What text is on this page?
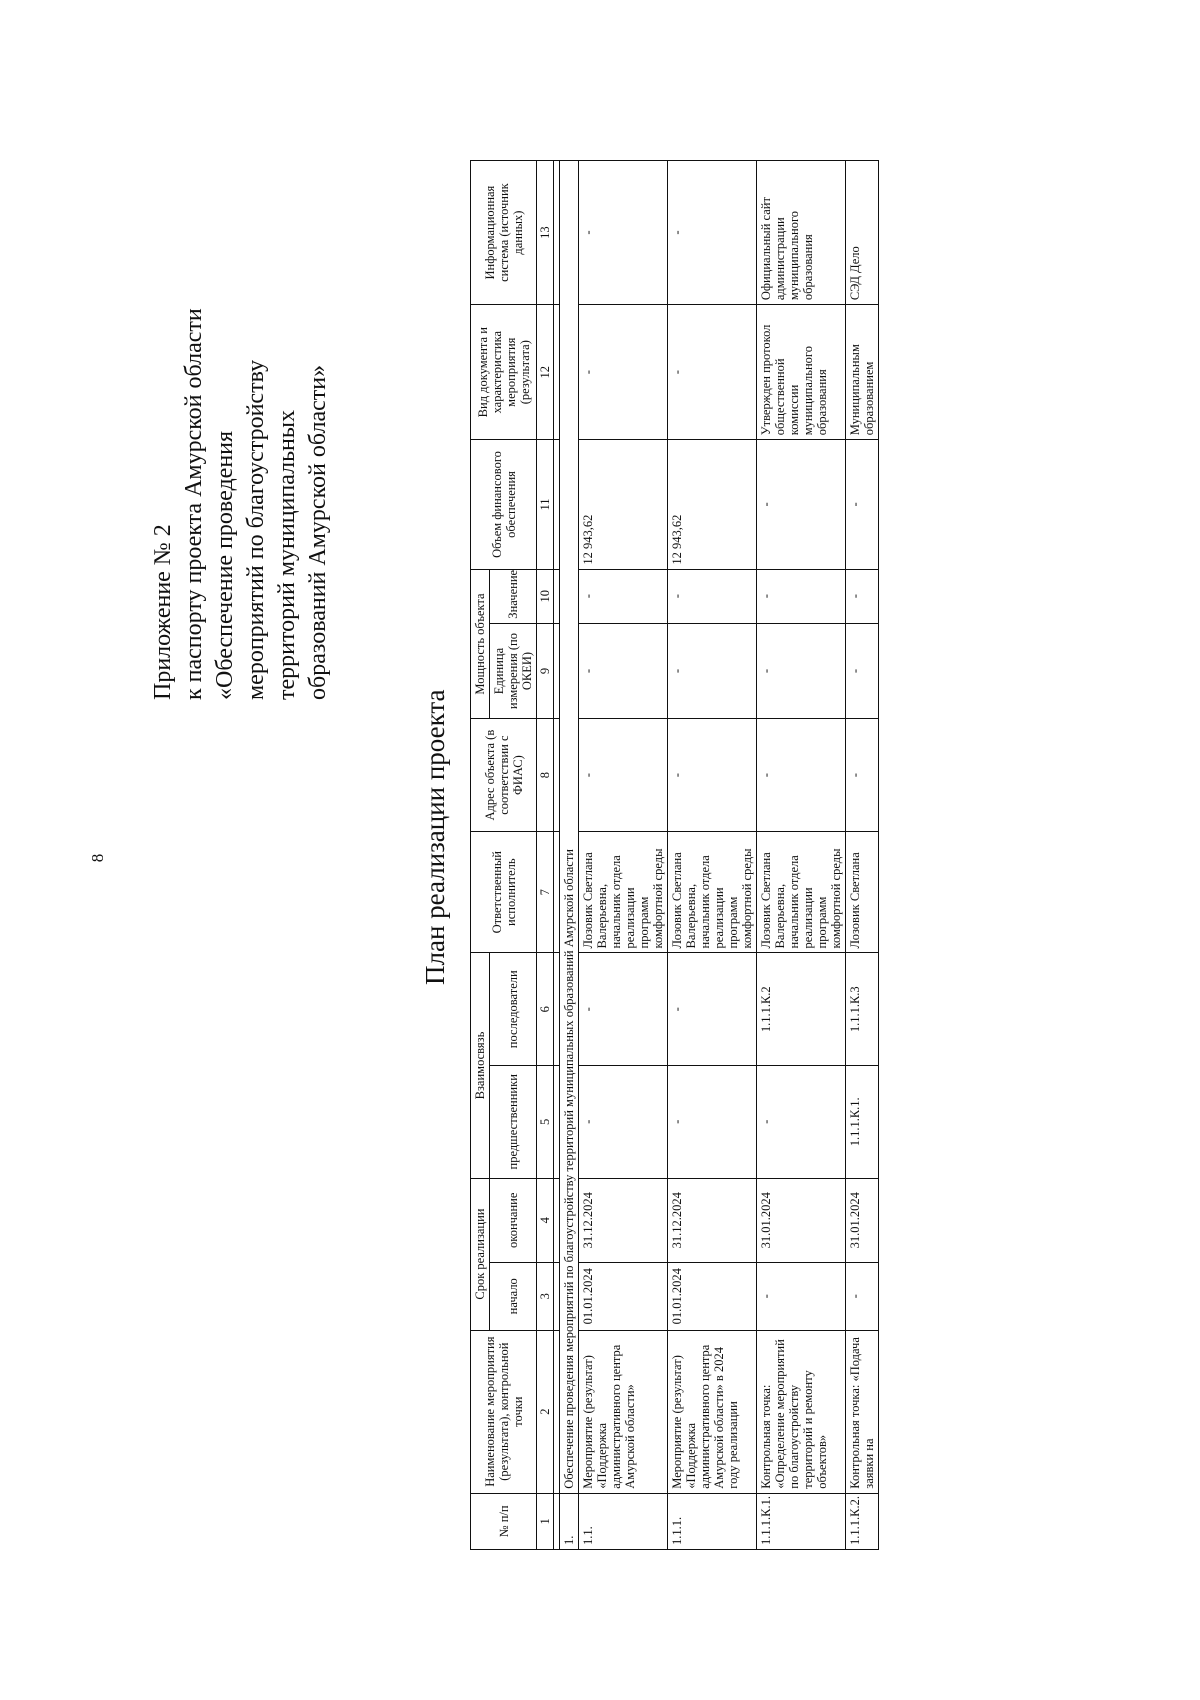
8
Приложение № 2 к паспорту проекта Амурской области «Обеспечение проведения мероприятий по благоустройству территорий муниципальных образований Амурской области»
План реализации проекта
№ п/п	Наименование мероприятия (результата), контрольной точки	Срок реализации		Взаимосвязь		Ответственный исполнитель	Адрес объекта (в соответствии с ФИАС)	Мощность объекта		Объем финансового обеспечения	Вид документа и характеристика мероприятия (результата)	Информационная система (источник данных)
		начало	окончание	предшественники	последователи			Единица измерения (по ОКЕИ)	Значение			
1	2	3	4	5	6	7	8	9	10	11	12	13

1.	Обеспечение проведения мероприятий по благоустройству территорий муниципальных образований Амурской области											
1.1.	Мероприятие (результат) «Поддержка административного центра Амурской области»	01.01.2024	31.12.2024	-	-	Лозовик Светлана Валерьевна, начальник отдела реализации программ комфортной среды	-	-	-	12 943,62	-	-
1.1.1.	Мероприятие (результат) «Поддержка административного центра Амурской области» в 2024 году реализации	01.01.2024	31.12.2024	-	-	Лозовик Светлана Валерьевна, начальник отдела реализации программ комфортной среды	-	-	-	12 943,62	-	-
1.1.1.К.1.	Контрольная точка: «Определение мероприятий по благоустройству территорий и ремонту объектов»	-	31.01.2024	-	1.1.1.К.2	Лозовик Светлана Валерьевна, начальник отдела реализации программ комфортной среды	-	-	-	-	Утвержден протокол общественной комиссии муниципального образования	Официальный сайт администрации муниципального образования
1.1.1.К.2.	Контрольная точка: «Подача заявки на	-	31.01.2024	1.1.1.К.1.	1.1.1.К.3	Лозовик Светлана	-	-	-	-	Муниципальным образованием	СЭД Дело
